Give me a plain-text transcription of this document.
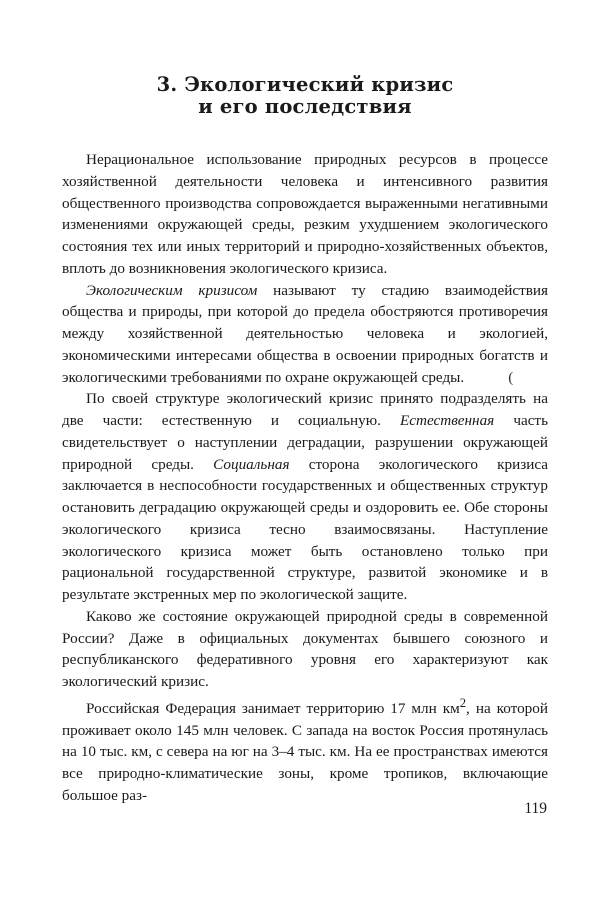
3. Экологический кризис
и его последствия

Нерациональное использование природных ресурсов в процессе хозяйственной деятельности человека и интенсивного развития общественного производства сопровождается выраженными негативными изменениями окружающей среды, резким ухудшением экологического состояния тех или иных территорий и природно-хозяйственных объектов, вплоть до возникновения экологического кризиса.

Экологическим кризисом называют ту стадию взаимодействия общества и природы, при которой до предела обостряются противоречия между хозяйственной деятельностью человека и экологией, экономическими интересами общества в освоении природных богатств и экологическими требованиями по охране окружающей среды.	(

По своей структуре экологический кризис принято подразделять на две части: естественную и социальную. Естественная часть свидетельствует о наступлении деградации, разрушении окружающей природной среды. Социальная сторона экологического кризиса заключается в неспособности государственных и общественных структур остановить деградацию окружающей среды и оздоровить ее. Обе стороны экологического кризиса тесно взаимосвязаны. Наступление экологического кризиса может быть остановлено только при рациональной государственной структуре, развитой экономике и в результате экстренных мер по экологической защите.

Каково же состояние окружающей природной среды в современной России? Даже в официальных документах бывшего союзного и республиканского федеративного уровня его характеризуют как экологический кризис.

Российская Федерация занимает территорию 17 млн $км^2$, на которой проживает около 145 млн человек. С запада на восток Россия протянулась на 10 тыс. км, с севера на юг на 3–4 тыс. км. На ее пространствах имеются все природно-климатические зоны, кроме тропиков, включающие большое раз-

119
